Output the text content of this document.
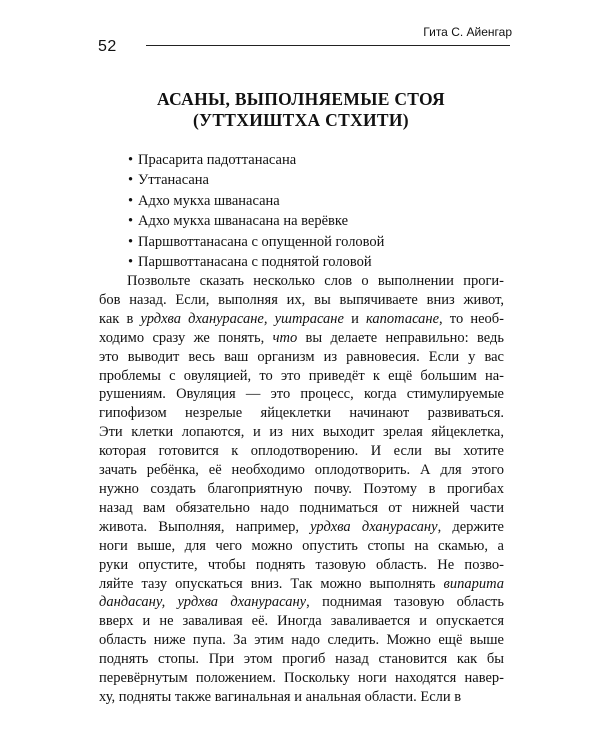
52
Гита С. Айенгар
АСАНЫ, ВЫПОЛНЯЕМЫЕ СТОЯ
(УТТХИШТХА СТХИТИ)
• Прасарита падоттанасана
• Уттанасана
• Адхо мукха шванасана
• Адхо мукха шванасана на верёвке
• Паршвоттанасана с опущенной головой
• Паршвоттанасана с поднятой головой
Позвольте сказать несколько слов о выполнении проги-
бов назад. Если, выполняя их, вы выпячиваете вниз живот,
как в урдхва дханурасане, уштрасане и капотасане, то необ-
ходимо сразу же понять, что вы делаете неправильно: ведь
это выводит весь ваш организм из равновесия. Если у вас
проблемы с овуляцией, то это приведёт к ещё большим на-
рушениям. Овуляция — это процесс, когда стимулируемые
гипофизом незрелые яйцеклетки начинают развиваться.
Эти клетки лопаются, и из них выходит зрелая яйцеклетка,
которая готовится к оплодотворению. И если вы хотите
зачать ребёнка, её необходимо оплодотворить. А для этого
нужно создать благоприятную почву. Поэтому в прогибах
назад вам обязательно надо подниматься от нижней части
живота. Выполняя, например, урдхва дханурасану, держите
ноги выше, для чего можно опустить стопы на скамью, а
руки опустите, чтобы поднять тазовую область. Не позво-
ляйте тазу опускаться вниз. Так можно выполнять випарита
дандасану, урдхва дханурасану, поднимая тазовую область
вверх и не заваливая её. Иногда заваливается и опускается
область ниже пупа. За этим надо следить. Можно ещё выше
поднять стопы. При этом прогиб назад становится как бы
перевёрнутым положением. Поскольку ноги находятся навер-
ху, подняты также вагинальная и анальная области. Если в
